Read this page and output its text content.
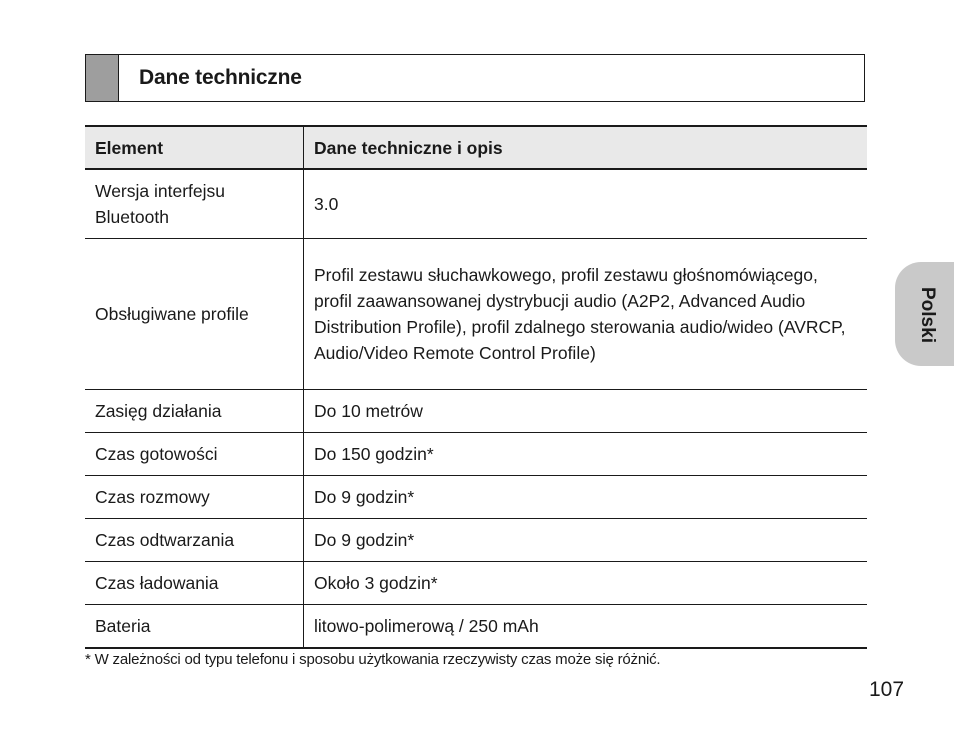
Dane techniczne
Element	Dane techniczne i opis
Wersja interfejsu Bluetooth	3.0
Obsługiwane profile	Profil zestawu słuchawkowego, profil zestawu głośnomówiącego, profil zaawansowanej dystrybucji audio (A2P2, Advanced Audio Distribution Profile), profil zdalnego sterowania audio/wideo (AVRCP, Audio/Video Remote Control Profile)
Zasięg działania	Do 10 metrów
Czas gotowości	Do 150 godzin*
Czas rozmowy	Do 9 godzin*
Czas odtwarzania	Do 9 godzin*
Czas ładowania	Około 3 godzin*
Bateria	litowo-polimerową / 250 mAh
* W zależności od typu telefonu i sposobu użytkowania rzeczywisty czas może się różnić.
107
Polski
